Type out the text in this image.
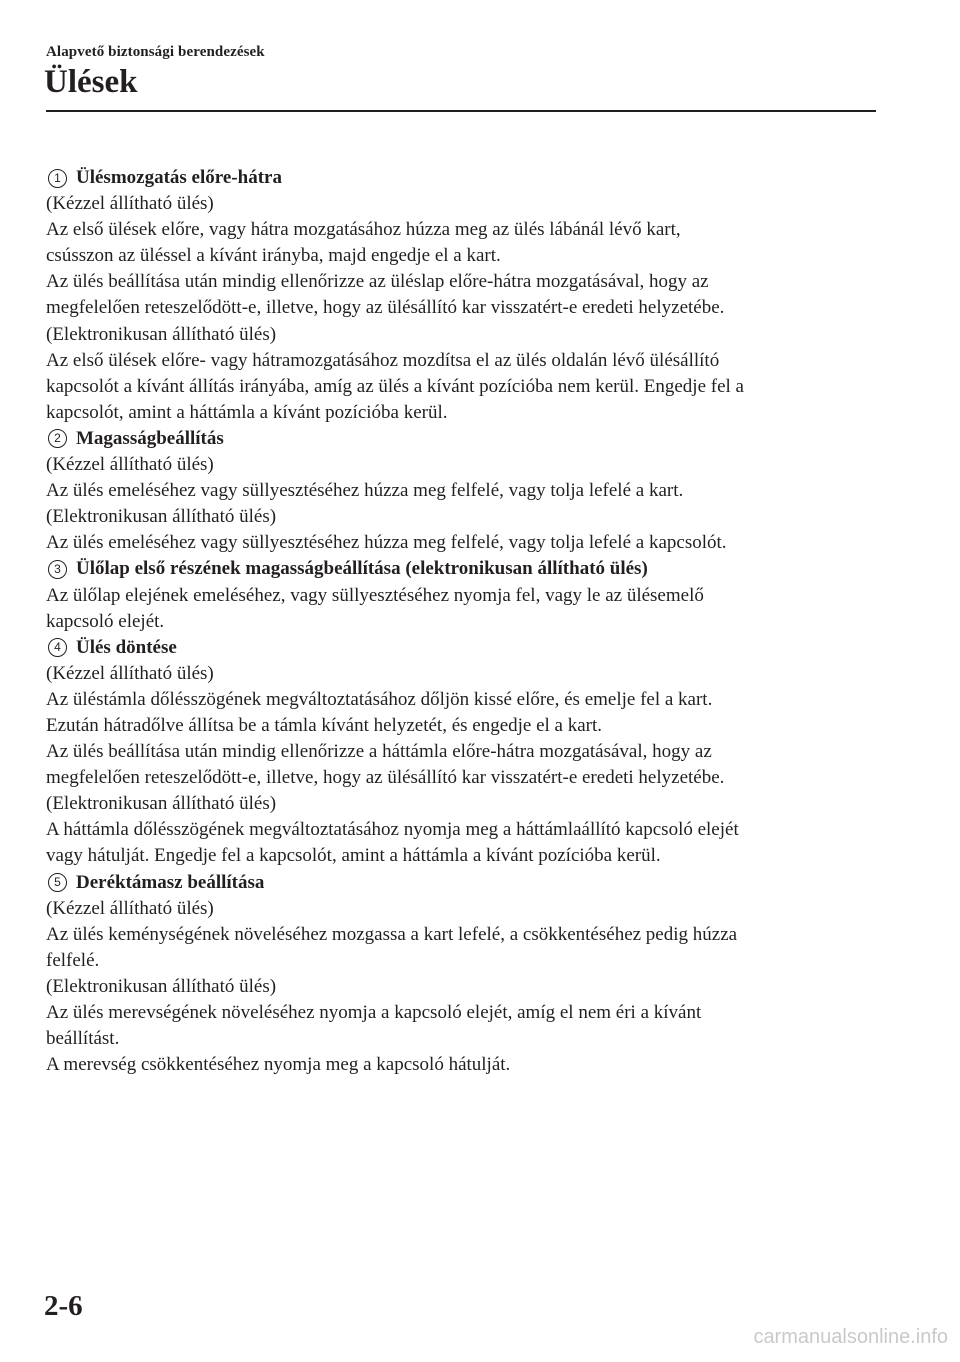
Alapvető biztonsági berendezések
Ülések
1 Ülésmozgatás előre-hátra
(Kézzel állítható ülés)
Az első ülések előre, vagy hátra mozgatásához húzza meg az ülés lábánál lévő kart,
csússzon az üléssel a kívánt irányba, majd engedje el a kart.
Az ülés beállítása után mindig ellenőrizze az üléslap előre-hátra mozgatásával, hogy az
megfelelően reteszelődött-e, illetve, hogy az ülésállító kar visszatért-e eredeti helyzetébe.
(Elektronikusan állítható ülés)
Az első ülések előre- vagy hátramozgatásához mozdítsa el az ülés oldalán lévő ülésállító
kapcsolót a kívánt állítás irányába, amíg az ülés a kívánt pozícióba nem kerül. Engedje fel a
kapcsolót, amint a háttámla a kívánt pozícióba kerül.
2 Magasságbeállítás
(Kézzel állítható ülés)
Az ülés emeléséhez vagy süllyesztéséhez húzza meg felfelé, vagy tolja lefelé a kart.
(Elektronikusan állítható ülés)
Az ülés emeléséhez vagy süllyesztéséhez húzza meg felfelé, vagy tolja lefelé a kapcsolót.
3 Ülőlap első részének magasságbeállítása (elektronikusan állítható ülés)
Az ülőlap elejének emeléséhez, vagy süllyesztéséhez nyomja fel, vagy le az ülésemelő
kapcsoló elejét.
4 Ülés döntése
(Kézzel állítható ülés)
Az üléstámla dőlésszögének megváltoztatásához dőljön kissé előre, és emelje fel a kart.
Ezután hátradőlve állítsa be a támla kívánt helyzetét, és engedje el a kart.
Az ülés beállítása után mindig ellenőrizze a háttámla előre-hátra mozgatásával, hogy az
megfelelően reteszelődött-e, illetve, hogy az ülésállító kar visszatért-e eredeti helyzetébe.
(Elektronikusan állítható ülés)
A háttámla dőlésszögének megváltoztatásához nyomja meg a háttámlaállító kapcsoló elejét
vagy hátulját. Engedje fel a kapcsolót, amint a háttámla a kívánt pozícióba kerül.
5 Deréktámasz beállítása
(Kézzel állítható ülés)
Az ülés keménységének növeléséhez mozgassa a kart lefelé, a csökkentéséhez pedig húzza
felfelé.
(Elektronikusan állítható ülés)
Az ülés merevségének növeléséhez nyomja a kapcsoló elejét, amíg el nem éri a kívánt
beállítást.
A merevség csökkentéséhez nyomja meg a kapcsoló hátulját.
2-6
carmanualsonline.info
